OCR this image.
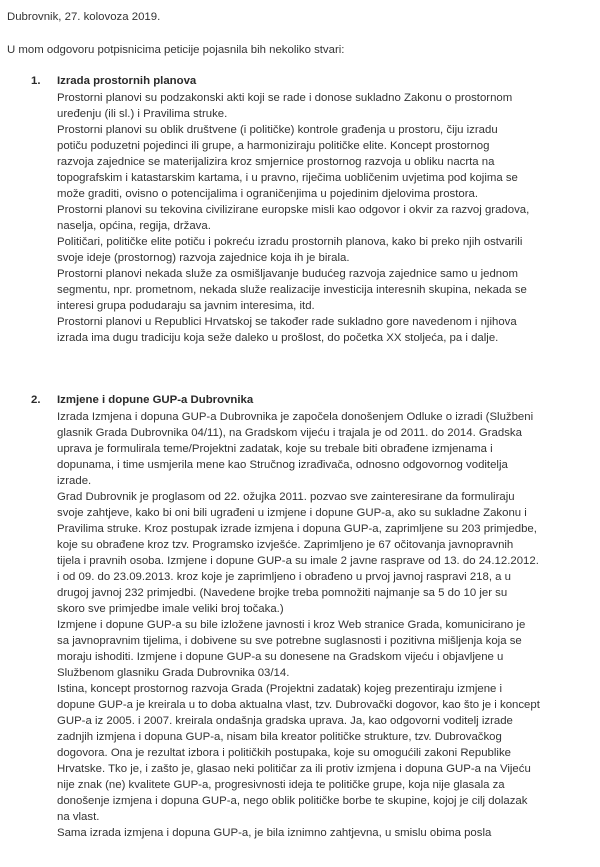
Dubrovnik, 27. kolovoza 2019.
U mom odgovoru potpisnicima peticije pojasnila bih nekoliko stvari:
1. Izrada prostornih planova
Prostorni planovi su podzakonski akti koji se rade i donose sukladno Zakonu o prostornom
uređenju (ili sl.) i Pravilima struke.
Prostorni planovi su oblik društvene (i političke) kontrole građenja u prostoru, čiju izradu
potiču poduzetni pojedinci ili grupe, a harmoniziraju političke elite. Koncept prostornog
razvoja zajednice se materijalizira kroz smjernice prostornog razvoja u obliku nacrta na
topografskim i katastarskim kartama, i u pravno, riječima uobličenim uvjetima pod kojima se
može graditi, ovisno o potencijalima i ograničenjima u pojedinim djelovima prostora.
Prostorni planovi su tekovina civilizirane europske misli kao odgovor i okvir za razvoj gradova,
naselja, općina, regija, država.
Političari, političke elite potiču i pokreću izradu prostornih planova, kako bi preko njih ostvarili
svoje ideje (prostornog) razvoja zajednice koja ih je birala.
Prostorni planovi nekada služe za osmišljavanje budućeg razvoja zajednice samo u jednom
segmentu, npr. prometnom, nekada služe realizacije investicija interesnih skupina, nekada se
interesi grupa podudaraju sa javnim interesima, itd.
Prostorni planovi u Republici Hrvatskoj se također rade sukladno gore navedenom i njihova
izrada ima dugu tradiciju koja seže daleko u prošlost, do početka XX stoljeća, pa i dalje.
2. Izmjene i dopune GUP-a Dubrovnika
Izrada Izmjena i dopuna GUP-a Dubrovnika je započela donošenjem Odluke o izradi (Službeni
glasnik Grada Dubrovnika 04/11), na Gradskom vijeću i trajala je od 2011. do 2014. Gradska
uprava je formulirala teme/Projektni zadatak, koje su trebale biti obrađene izmjenama i
dopunama, i time usmjerila mene kao Stručnog izrađivača, odnosno odgovornog voditelja
izrade.
Grad Dubrovnik je proglasom od 22. ožujka 2011. pozvao sve zainteresirane da formuliraju
svoje zahtjeve, kako bi oni bili ugrađeni u izmjene i dopune GUP-a, ako su sukladne Zakonu i
Pravilima struke. Kroz postupak izrade izmjena i dopuna GUP-a, zaprimljene su 203 primjedbe,
koje su obrađene kroz tzv. Programsko izvješće. Zaprimljeno je 67 očitovanja javnopravnih
tijela i pravnih osoba. Izmjene i dopune GUP-a su imale 2 javne rasprave od 13. do 24.12.2012.
i od 09. do 23.09.2013. kroz koje je zaprimljeno i obrađeno u prvoj javnoj raspravi 218, a u
drugoj javnoj 232 primjedbi. (Navedene brojke treba pomnožiti najmanje sa 5 do 10 jer su
skoro sve primjedbe imale veliki broj točaka.)
Izmjene i dopune GUP-a su bile izložene javnosti i kroz Web stranice Grada, komunicirano je
sa javnopravnim tijelima, i dobivene su sve potrebne suglasnosti i pozitivna mišljenja koja se
moraju ishoditi. Izmjene i dopune GUP-a su donesene na Gradskom vijeću i objavljene u
Službenom glasniku Grada Dubrovnika 03/14.
Istina, koncept prostornog razvoja Grada (Projektni zadatak) kojeg prezentiraju izmjene i
dopune GUP-a je kreirala u to doba aktualna vlast, tzv. Dubrovački dogovor, kao što je i koncept
GUP-a iz 2005. i 2007. kreirala ondašnja gradska uprava. Ja, kao odgovorni voditelj izrade
zadnjih izmjena i dopuna GUP-a, nisam bila kreator političke strukture, tzv. Dubrovačkog
dogovora. Ona je rezultat izbora i političkih postupaka, koje su omogućili zakoni Republike
Hrvatske. Tko je, i zašto je, glasao neki političar za ili protiv izmjena i dopuna GUP-a na Vijeću
nije znak (ne) kvalitete GUP-a, progresivnosti ideja te političke grupe, koja nije glasala za
donošenje izmjena i dopuna GUP-a, nego oblik političke borbe te skupine, kojoj je cilj dolazak
na vlast.
Sama izrada izmjena i dopuna GUP-a, je bila iznimno zahtjevna, u smislu obima posla
